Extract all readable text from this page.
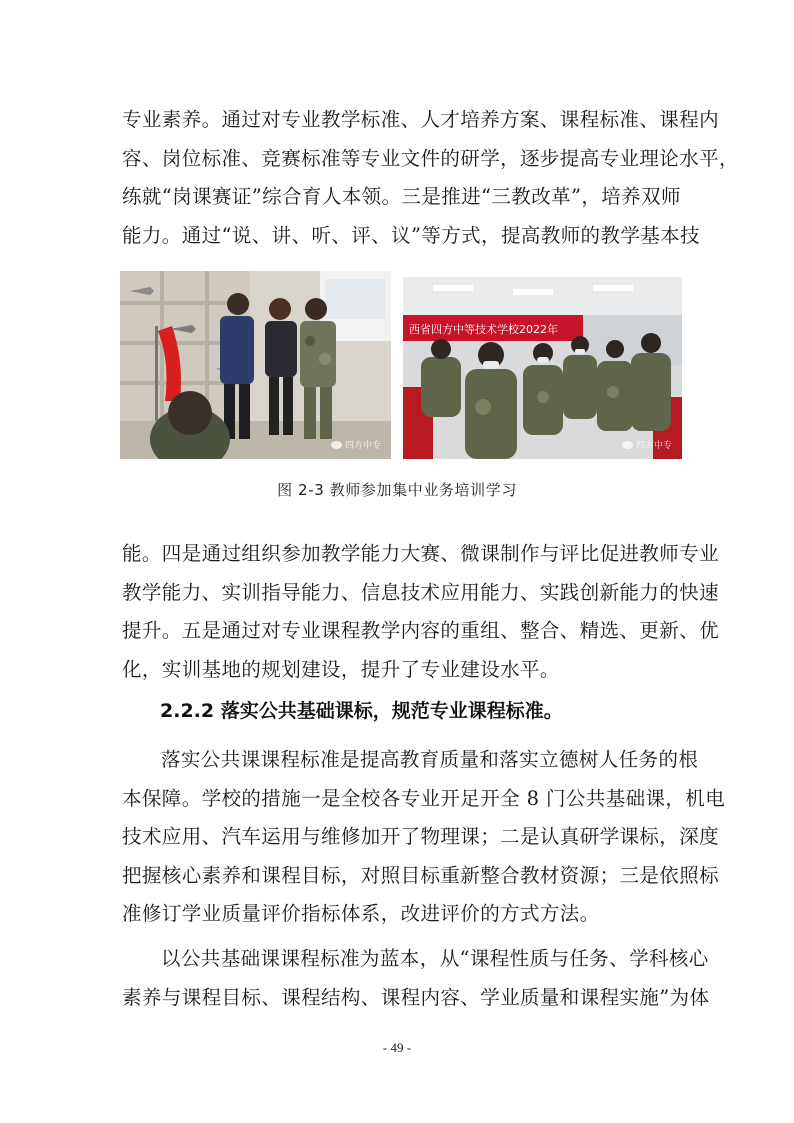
专业素养。通过对专业教学标准、人才培养方案、课程标准、课程内
容、岗位标准、竞赛标准等专业文件的研学，逐步提高专业理论水平，
练就“岗课赛证”综合育人本领。三是推进“三教改革”，培养双师
能力。通过“说、讲、听、评、议”等方式，提高教师的教学基本技
四方中专
西省四方中等技术学校2022年
四方中专
图 2-3 教师参加集中业务培训学习
能。四是通过组织参加教学能力大赛、微课制作与评比促进教师专业
教学能力、实训指导能力、信息技术应用能力、实践创新能力的快速
提升。五是通过对专业课程教学内容的重组、整合、精选、更新、优
化，实训基地的规划建设，提升了专业建设水平。
2.2.2 落实公共基础课标，规范专业课程标准。
落实公共课课程标准是提高教育质量和落实立德树人任务的根
本保障。学校的措施一是全校各专业开足开全 8 门公共基础课，机电
技术应用、汽车运用与维修加开了物理课；二是认真研学课标，深度
把握核心素养和课程目标，对照目标重新整合教材资源；三是依照标
准修订学业质量评价指标体系，改进评价的方式方法。
以公共基础课课程标准为蓝本，从“课程性质与任务、学科核心
素养与课程目标、课程结构、课程内容、学业质量和课程实施”为体
- 49 -
